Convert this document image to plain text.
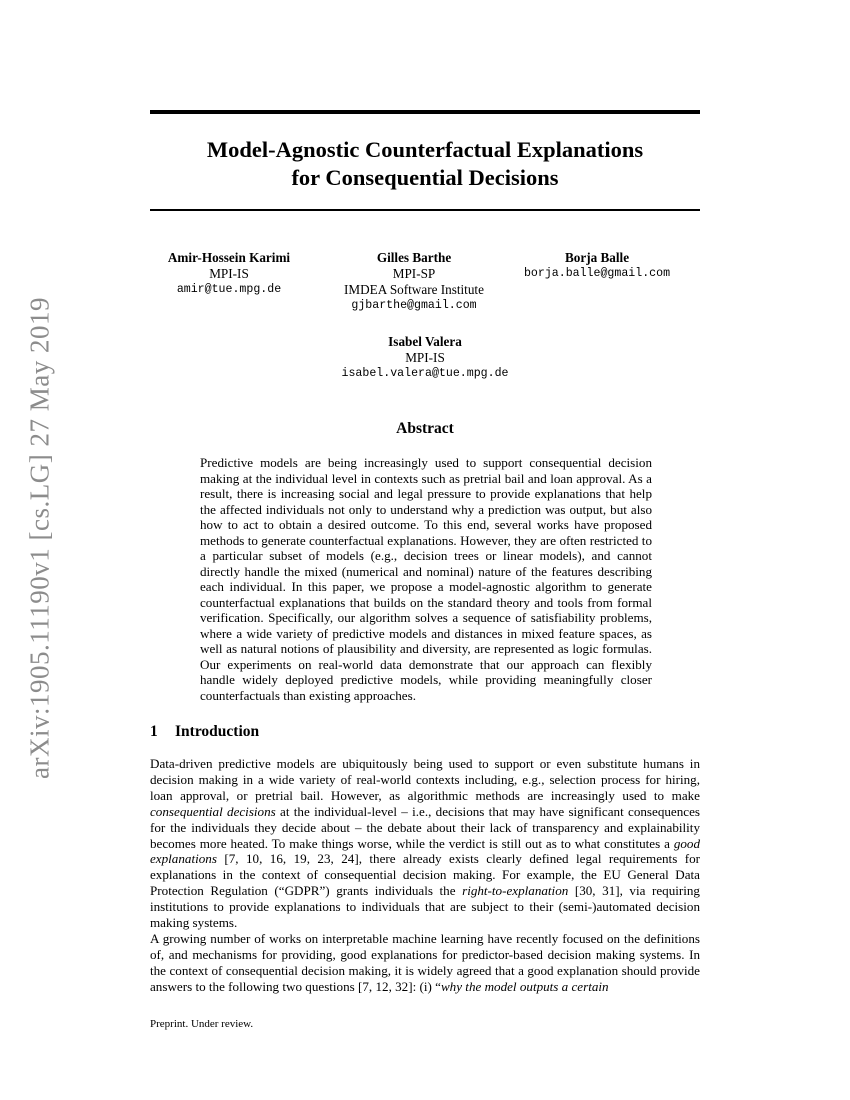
arXiv:1905.11190v1 [cs.LG] 27 May 2019
Model-Agnostic Counterfactual Explanations
for Consequential Decisions
Amir-Hossein Karimi
MPI-IS
amir@tue.mpg.de
Gilles Barthe
MPI-SP
IMDEA Software Institute
gjbarthe@gmail.com
Borja Balle
borja.balle@gmail.com
Isabel Valera
MPI-IS
isabel.valera@tue.mpg.de
Abstract
Predictive models are being increasingly used to support consequential decision making at the individual level in contexts such as pretrial bail and loan approval. As a result, there is increasing social and legal pressure to provide explanations that help the affected individuals not only to understand why a prediction was output, but also how to act to obtain a desired outcome. To this end, several works have proposed methods to generate counterfactual explanations. However, they are often restricted to a particular subset of models (e.g., decision trees or linear models), and cannot directly handle the mixed (numerical and nominal) nature of the features describing each individual. In this paper, we propose a model-agnostic algorithm to generate counterfactual explanations that builds on the standard theory and tools from formal verification. Specifically, our algorithm solves a sequence of satisfiability problems, where a wide variety of predictive models and distances in mixed feature spaces, as well as natural notions of plausibility and diversity, are represented as logic formulas. Our experiments on real-world data demonstrate that our approach can flexibly handle widely deployed predictive models, while providing meaningfully closer counterfactuals than existing approaches.
1 Introduction
Data-driven predictive models are ubiquitously being used to support or even substitute humans in decision making in a wide variety of real-world contexts including, e.g., selection process for hiring, loan approval, or pretrial bail. However, as algorithmic methods are increasingly used to make consequential decisions at the individual-level – i.e., decisions that may have significant consequences for the individuals they decide about – the debate about their lack of transparency and explainability becomes more heated. To make things worse, while the verdict is still out as to what constitutes a good explanations [7, 10, 16, 19, 23, 24], there already exists clearly defined legal requirements for explanations in the context of consequential decision making. For example, the EU General Data Protection Regulation (“GDPR”) grants individuals the right-to-explanation [30, 31], via requiring institutions to provide explanations to individuals that are subject to their (semi-)automated decision making systems.
A growing number of works on interpretable machine learning have recently focused on the definitions of, and mechanisms for providing, good explanations for predictor-based decision making systems. In the context of consequential decision making, it is widely agreed that a good explanation should provide answers to the following two questions [7, 12, 32]: (i) “why the model outputs a certain
Preprint. Under review.
